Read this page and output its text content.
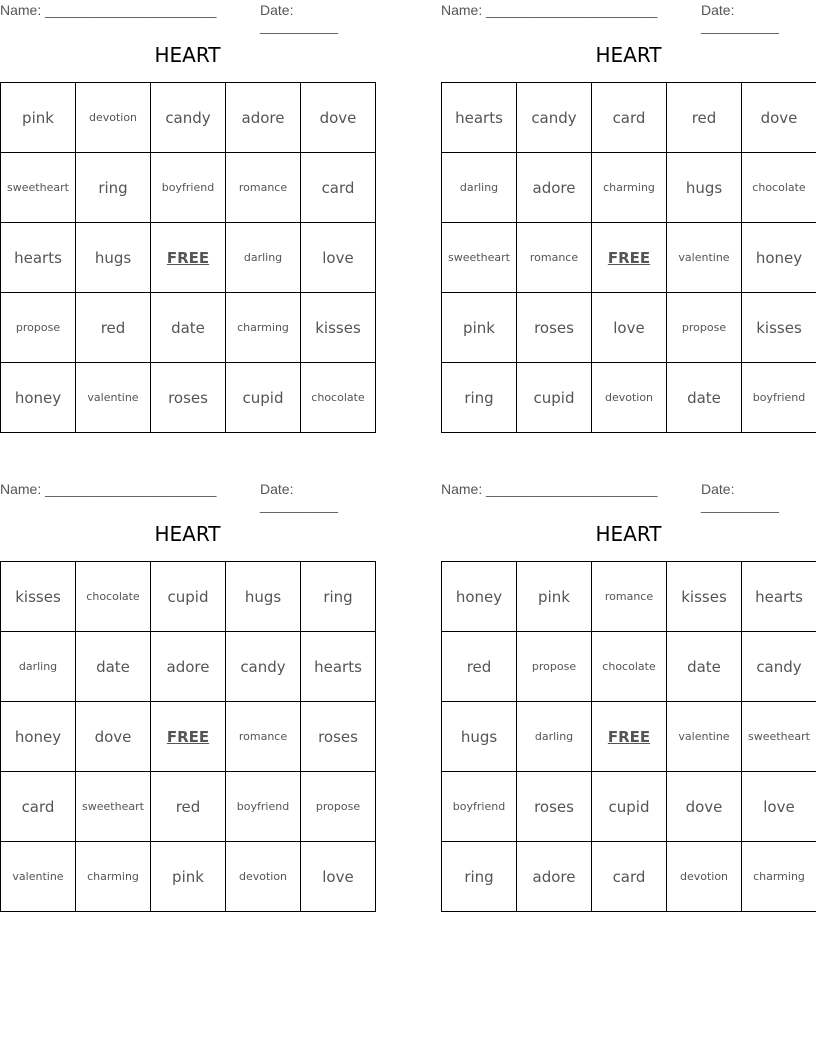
Name: ______________________	Date: __________
HEART
pink	devotion	candy	adore	dove
sweetheart	ring	boyfriend	romance	card
hearts	hugs	FREE	darling	love
propose	red	date	charming	kisses
honey	valentine	roses	cupid	chocolate
Name: ______________________	Date: __________
HEART
hearts	candy	card	red	dove
darling	adore	charming	hugs	chocolate
sweetheart	romance	FREE	valentine	honey
pink	roses	love	propose	kisses
ring	cupid	devotion	date	boyfriend
Name: ______________________	Date: __________
HEART
kisses	chocolate	cupid	hugs	ring
darling	date	adore	candy	hearts
honey	dove	FREE	romance	roses
card	sweetheart	red	boyfriend	propose
valentine	charming	pink	devotion	love
Name: ______________________	Date: __________
HEART
honey	pink	romance	kisses	hearts
red	propose	chocolate	date	candy
hugs	darling	FREE	valentine	sweetheart
boyfriend	roses	cupid	dove	love
ring	adore	card	devotion	charming
